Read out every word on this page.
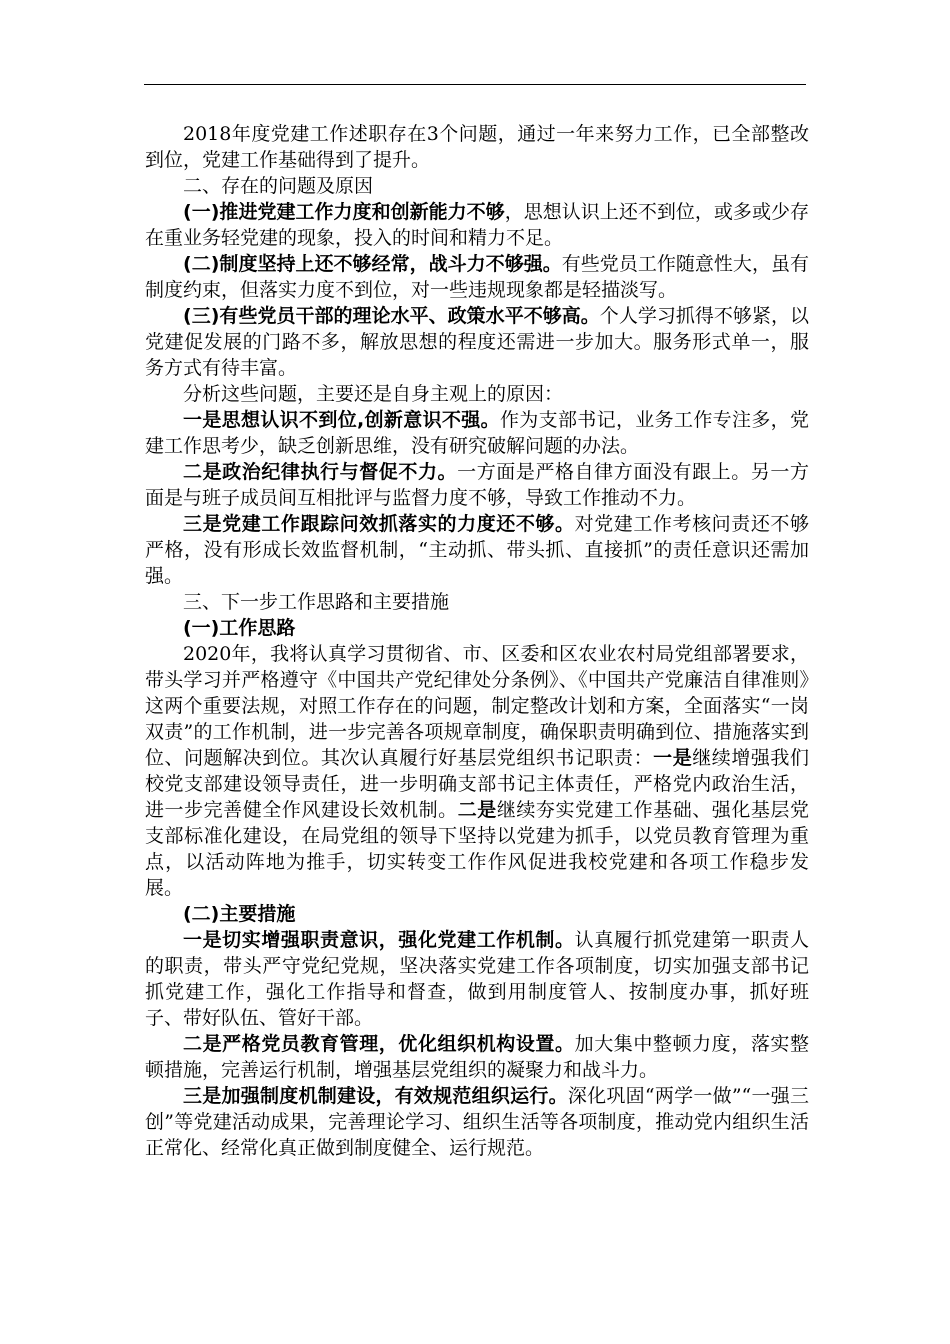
2018年度党建工作述职存在3个问题，通过一年来努力工作，已全部整改到位，党建工作基础得到了提升。

二、存在的问题及原因

(一)推进党建工作力度和创新能力不够，思想认识上还不到位，或多或少存在重业务轻党建的现象，投入的时间和精力不足。

(二)制度坚持上还不够经常，战斗力不够强。有些党员工作随意性大，虽有制度约束，但落实力度不到位，对一些违规现象都是轻描淡写。

(三)有些党员干部的理论水平、政策水平不够高。个人学习抓得不够紧，以党建促发展的门路不多，解放思想的程度还需进一步加大。服务形式单一，服务方式有待丰富。

分析这些问题，主要还是自身主观上的原因：

一是思想认识不到位,创新意识不强。作为支部书记，业务工作专注多，党建工作思考少，缺乏创新思维，没有研究破解问题的办法。

二是政治纪律执行与督促不力。一方面是严格自律方面没有跟上。另一方面是与班子成员间互相批评与监督力度不够，导致工作推动不力。

三是党建工作跟踪问效抓落实的力度还不够。对党建工作考核问责还不够严格，没有形成长效监督机制，“主动抓、带头抓、直接抓”的责任意识还需加强。

三、下一步工作思路和主要措施

(一)工作思路

2020年，我将认真学习贯彻省、市、区委和区农业农村局党组部署要求，带头学习并严格遵守《中国共产党纪律处分条例》、《中国共产党廉洁自律准则》这两个重要法规，对照工作存在的问题，制定整改计划和方案，全面落实“一岗双责”的工作机制，进一步完善各项规章制度，确保职责明确到位、措施落实到位、问题解决到位。其次认真履行好基层党组织书记职责：一是继续增强我们校党支部建设领导责任，进一步明确支部书记主体责任，严格党内政治生活，进一步完善健全作风建设长效机制。二是继续夯实党建工作基础、强化基层党支部标准化建设，在局党组的领导下坚持以党建为抓手，以党员教育管理为重点，以活动阵地为推手，切实转变工作作风促进我校党建和各项工作稳步发展。

(二)主要措施

一是切实增强职责意识，强化党建工作机制。认真履行抓党建第一职责人的职责，带头严守党纪党规，坚决落实党建工作各项制度，切实加强支部书记抓党建工作，强化工作指导和督查，做到用制度管人、按制度办事，抓好班子、带好队伍、管好干部。

二是严格党员教育管理，优化组织机构设置。加大集中整顿力度，落实整顿措施，完善运行机制，增强基层党组织的凝聚力和战斗力。

三是加强制度机制建设，有效规范组织运行。深化巩固“两学一做”“一强三创”等党建活动成果，完善理论学习、组织生活等各项制度，推动党内组织生活正常化、经常化真正做到制度健全、运行规范。
